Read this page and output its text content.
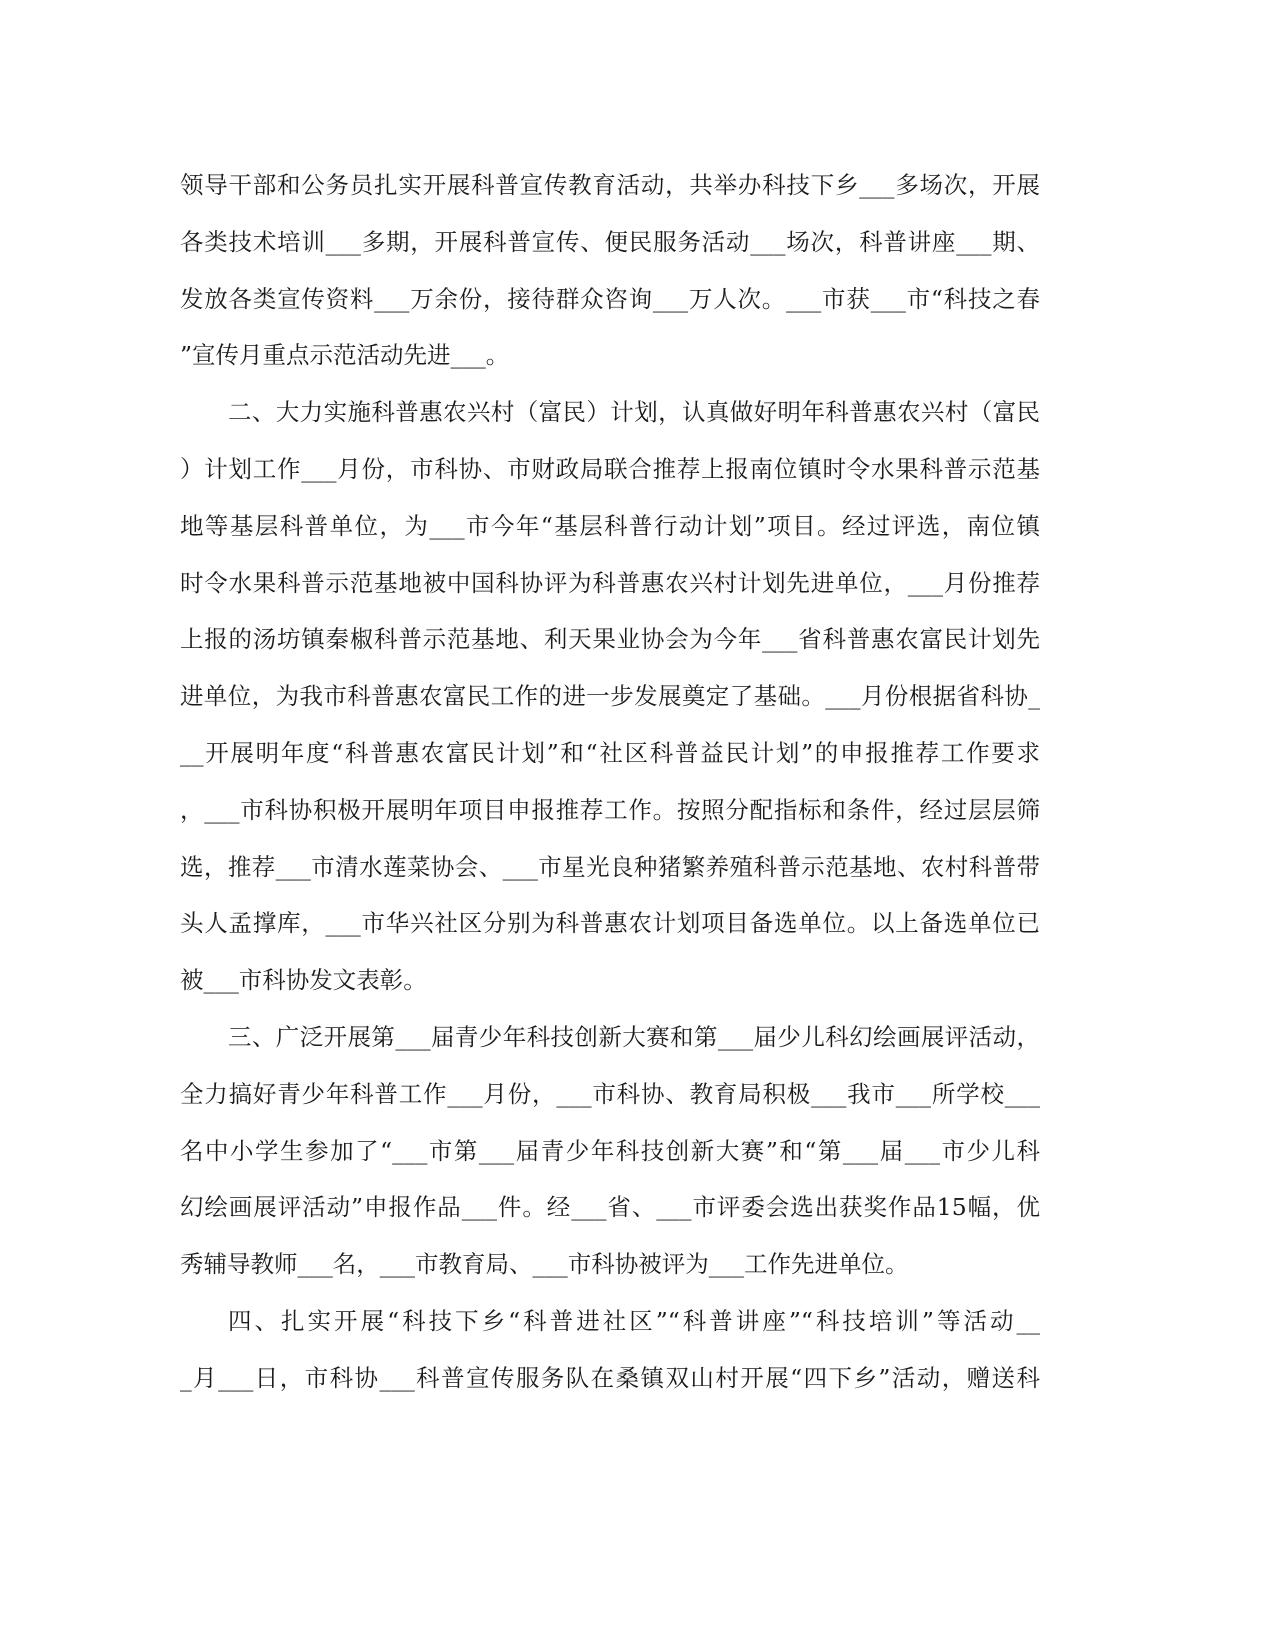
领导干部和公务员扎实开展科普宣传教育活动，共举办科技下乡___多场次，开展
各类技术培训___多期，开展科普宣传、便民服务活动___场次，科普讲座___期、
发放各类宣传资料___万余份，接待群众咨询___万人次。___市获___市“科技之春
”宣传月重点示范活动先进___。
二、大力实施科普惠农兴村（富民）计划，认真做好明年科普惠农兴村（富民
）计划工作___月份，市科协、市财政局联合推荐上报南位镇时令水果科普示范基
地等基层科普单位，为___市今年“基层科普行动计划”项目。经过评选，南位镇
时令水果科普示范基地被中国科协评为科普惠农兴村计划先进单位，___月份推荐
上报的汤坊镇秦椒科普示范基地、利天果业协会为今年___省科普惠农富民计划先
进单位，为我市科普惠农富民工作的进一步发展奠定了基础。___月份根据省科协_
__开展明年度“科普惠农富民计划”和“社区科普益民计划”的申报推荐工作要求
，___市科协积极开展明年项目申报推荐工作。按照分配指标和条件，经过层层筛
选，推荐___市清水莲菜协会、___市星光良种猪繁养殖科普示范基地、农村科普带
头人孟撑库，___市华兴社区分别为科普惠农计划项目备选单位。以上备选单位已
被___市科协发文表彰。
三、广泛开展第___届青少年科技创新大赛和第___届少儿科幻绘画展评活动，
全力搞好青少年科普工作___月份，___市科协、教育局积极___我市___所学校___
名中小学生参加了“___市第___届青少年科技创新大赛”和“第___届___市少儿科
幻绘画展评活动”申报作品___件。经___省、___市评委会选出获奖作品15幅，优
秀辅导教师___名，___市教育局、___市科协被评为___工作先进单位。
四、扎实开展“科技下乡“科普进社区”“科普讲座”“科技培训”等活动__
_月___日，市科协___科普宣传服务队在桑镇双山村开展“四下乡”活动，赠送科
